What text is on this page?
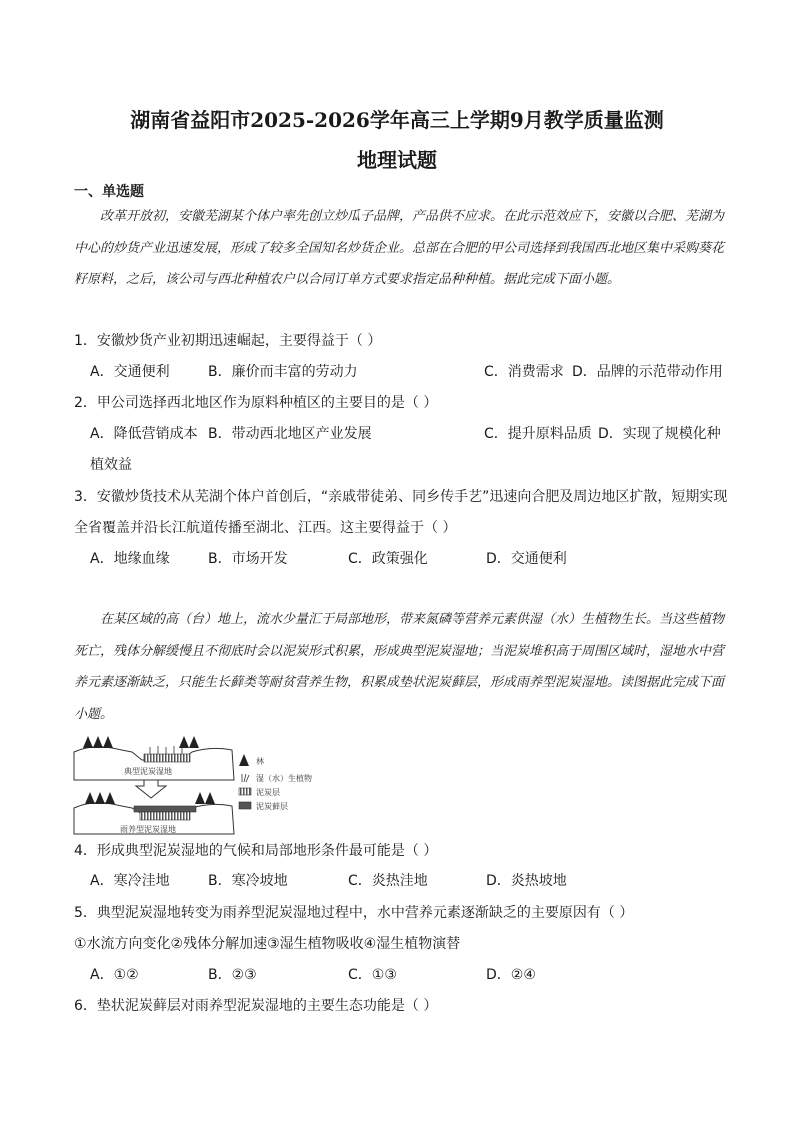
湖南省益阳市2025-2026学年高三上学期9月教学质量监测
地理试题
一、单选题
改革开放初，安徽芜湖某个体户率先创立炒瓜子品牌，产品供不应求。在此示范效应下，安徽以合肥、芜湖为中心的炒货产业迅速发展，形成了较多全国知名炒货企业。总部在合肥的甲公司选择到我国西北地区集中采购葵花籽原料，之后，该公司与西北种植农户以合同订单方式要求指定品种种植。据此完成下面小题。
1．安徽炒货产业初期迅速崛起，主要得益于（ ）
A．交通便利	B．廉价而丰富的劳动力	C．消费需求 D．品牌的示范带动作用
2．甲公司选择西北地区作为原料种植区的主要目的是（ ）
A．降低营销成本 B．带动西北地区产业发展	C．提升原料品质 D．实现了规模化种
植效益
3．安徽炒货技术从芜湖个体户首创后，“亲戚带徒弟、同乡传手艺”迅速向合肥及周边地区扩散，短期实现全省覆盖并沿长江航道传播至湖北、江西。这主要得益于（ ）
A．地缘血缘	B．市场开发	C．政策强化	D．交通便利
在某区域的高（台）地上，流水少量汇于局部地形，带来氮磷等营养元素供湿（水）生植物生长。当这些植物死亡，残体分解缓慢且不彻底时会以泥炭形式积累，形成典型泥炭湿地；当泥炭堆积高于周围区域时，湿地水中营养元素逐渐缺乏，只能生长藓类等耐贫营养生物，积累成垫状泥炭藓层，形成雨养型泥炭湿地。读图据此完成下面小题。
典型泥炭湿地
雨养型泥炭湿地
林
湿（水）生植物
泥炭层
泥炭藓层
4．形成典型泥炭湿地的气候和局部地形条件最可能是（ ）
A．寒冷洼地	B．寒冷坡地	C．炎热洼地	D．炎热坡地
5．典型泥炭湿地转变为雨养型泥炭湿地过程中，水中营养元素逐渐缺乏的主要原因有（ ）
①水流方向变化②残体分解加速③湿生植物吸收④湿生植物演替
A．①②	B．②③	C．①③	D．②④
6．垫状泥炭藓层对雨养型泥炭湿地的主要生态功能是（ ）
